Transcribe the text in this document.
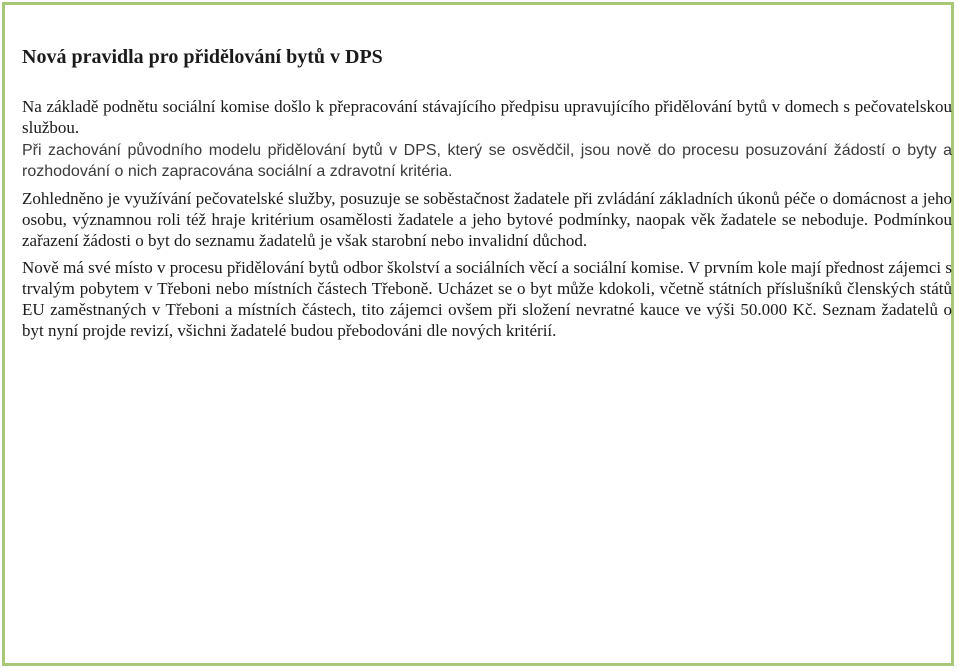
Nová pravidla pro přidělování bytů v DPS

Na základě podnětu sociální komise došlo k přepracování stávajícího předpisu upravujícího přidělování bytů v domech s pečovatelskou službou.

Při zachování původního modelu přidělování bytů v DPS, který se osvědčil, jsou nově do procesu posuzování žádostí o byty a rozhodování o nich zapracována sociální a zdravotní kritéria.

Zohledněno je využívání pečovatelské služby, posuzuje se soběstačnost žadatele při zvládání základních úkonů péče o domácnost a jeho osobu, významnou roli též hraje kritérium osamělosti žadatele a jeho bytové podmínky, naopak věk žadatele se neboduje. Podmínkou zařazení žádosti o byt do seznamu žadatelů je však starobní nebo invalidní důchod.

Nově má své místo v procesu přidělování bytů odbor školství a sociálních věcí a sociální komise. V prvním kole mají přednost zájemci s trvalým pobytem v Třeboni nebo místních částech Třeboně. Ucházet se o byt může kdokoli, včetně státních příslušníků členských států EU zaměstnaných v Třeboni a místních částech, tito zájemci ovšem při složení nevratné kauce ve výši 50.000 Kč. Seznam žadatelů o byt nyní projde revizí, všichni žadatelé budou přebodováni dle nových kritérií.
